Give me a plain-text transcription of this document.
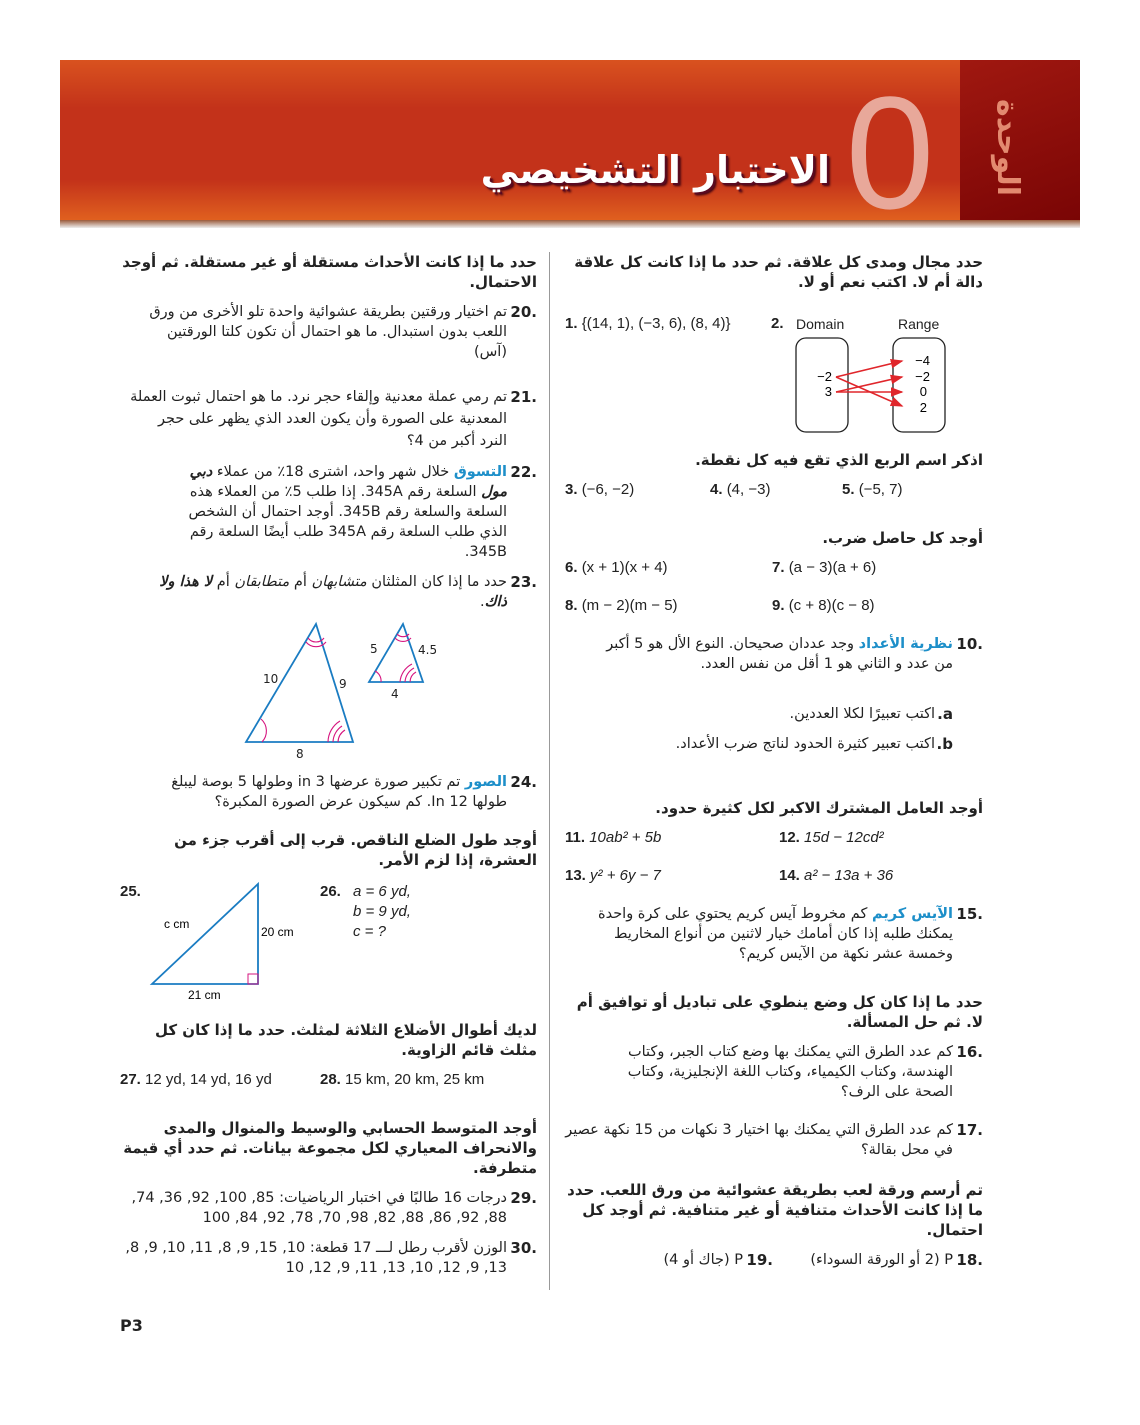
الوحدة
0
الاختبار التشخيصي
حدد مجال ومدى كل علاقة. ثم حدد ما إذا كانت كل علاقة دالة أم لا. اكتب نعم أو لا.
1. {(14, 1), (−3, 6), (8, 4)}	2. Domain	Range
−2
3
−4
−2
0
2
اذكر اسم الربع الذي تقع فيه كل نقطة.
3. (−6, −2)	4. (4, −3)	5. (−5, 7)
أوجد كل حاصل ضرب.
6. (x + 1)(x + 4)	7. (a − 3)(a + 6)
8. (m − 2)(m − 5)	9. (c + 8)(c − 8)
.10
نظرية الأعداد وجد عددان صحيحان. النوع الأل هو 5 أكبر من عدد و الثاني هو 1 أقل من نفس العدد.
a.
اكتب تعبيرًا لكلا العددين.
b.
اكتب تعبير كثيرة الحدود لناتج ضرب الأعداد.
أوجد العامل المشترك الاكبر لكل كثيرة حدود.
11. 10ab² + 5b	12. 15d − 12cd²
13. y² + 6y − 7	14. a² − 13a + 36
.15
الآيس كريم كم مخروط آيس كريم يحتوي على كرة واحدة يمكنك طلبه إذا كان أمامك خيار لاثنين من أنواع المخاريط وخمسة عشر نكهة من الآيس كريم؟
حدد ما إذا كان كل وضع ينطوي على تباديل أو توافيق أم لا. ثم حل المسألة.
.16
كم عدد الطرق التي يمكنك بها وضع كتاب الجبر، وكتاب الهندسة، وكتاب الكيمياء، وكتاب اللغة الإنجليزية، وكتاب الصحة على الرف؟
.17
كم عدد الطرق التي يمكنك بها اختيار 3 نكهات من 15 نكهة عصير في محل بقالة؟
تم أرسم ورقة لعب بطريقة عشوائية من ورق اللعب. حدد ما إذا كانت الأحداث متنافية أو غير متنافية. ثم أوجد كل احتمال.
.18
P (2 أو الورقة السوداء)
.19
P (جاك أو 4)
حدد ما إذا كانت الأحداث مستقلة أو غير مستقلة. ثم أوجد الاحتمال.
.20
تم اختيار ورقتين بطريقة عشوائية واحدة تلو الأخرى من ورق اللعب بدون استبدال. ما هو احتمال أن تكون كلتا الورقتين (آس)
.21
تم رمي عملة معدنية وإلقاء حجر نرد. ما هو احتمال ثبوت العملة المعدنية على الصورة وأن يكون العدد الذي يظهر على حجر النرد أكبر من 4؟
.22
التسوق خلال شهر واحد، اشترى 18٪ من عملاء دبي مول السلعة رقم 345A. إذا طلب 5٪ من العملاء هذه السلعة والسلعة رقم 345B. أوجد احتمال أن الشخص الذي طلب السلعة رقم 345A طلب أيضًا السلعة رقم 345B.
.23
حدد ما إذا كان المثلثان متشابهان أم متطابقان أم لا هذا ولا ذاك.
10	9
8
5	4.5
4
.24
الصور تم تكبير صورة عرضها 3 in وطولها 5 بوصة ليبلغ طولها 12 In. كم سيكون عرض الصورة المكبرة؟
أوجد طول الضلع الناقص. قرب إلى أقرب جزء من العشرة، إذا لزم الأمر.
25.
c cm
20 cm
21 cm
26. a = 6 yd,
b = 9 yd,
c = ?
لديك أطوال الأضلاع الثلاثة لمثلث. حدد ما إذا كان كل مثلث قائم الزاوية.
27. 12 yd, 14 yd, 16 yd	28. 15 km, 20 km, 25 km
أوجد المتوسط الحسابي والوسيط والمنوال والمدى والانحراف المعياري لكل مجموعة بيانات. ثم حدد أي قيمة متطرفة.
.29
درجات 16 طالبًا في اختبار الرياضيات: 85, 100, 92, 36, 74, 88, 92, 86, 88, 82, 98, 70, 78, 92, 84, 100
.30
الوزن لأقرب رطل لـــ 17 قطعة: 10, 15, 9, 8, 11, 10, 9, 8, 13, 9, 12, 10, 13, 11, 9, 12, 10
P3
